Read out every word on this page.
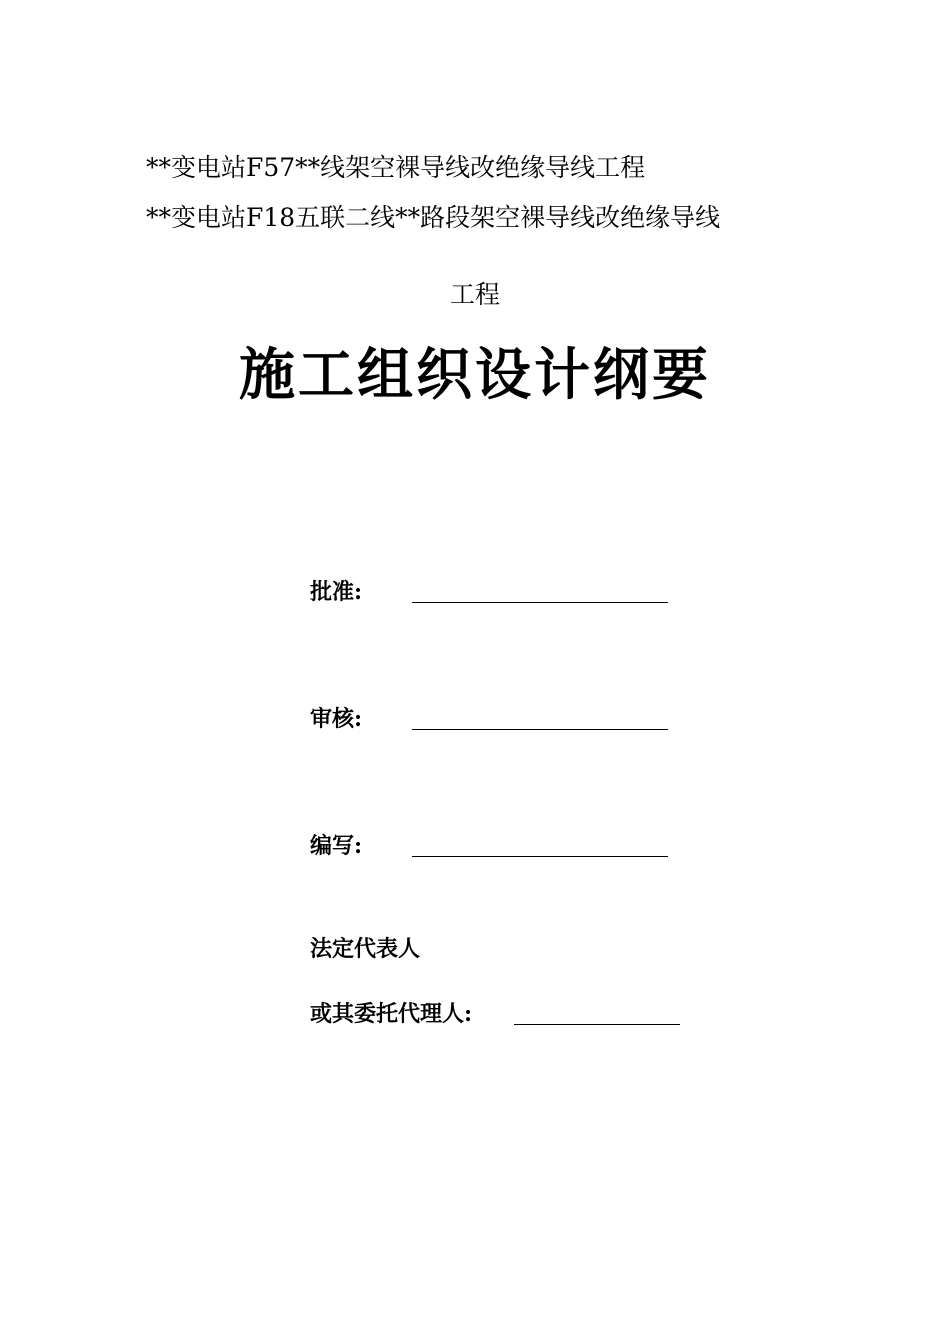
**变电站F57**线架空裸导线改绝缘导线工程
**变电站F18五联二线**路段架空裸导线改绝缘导线
工程
施工组织设计纲要
批准:
审核:
编写:
法定代表人
或其委托代理人:
